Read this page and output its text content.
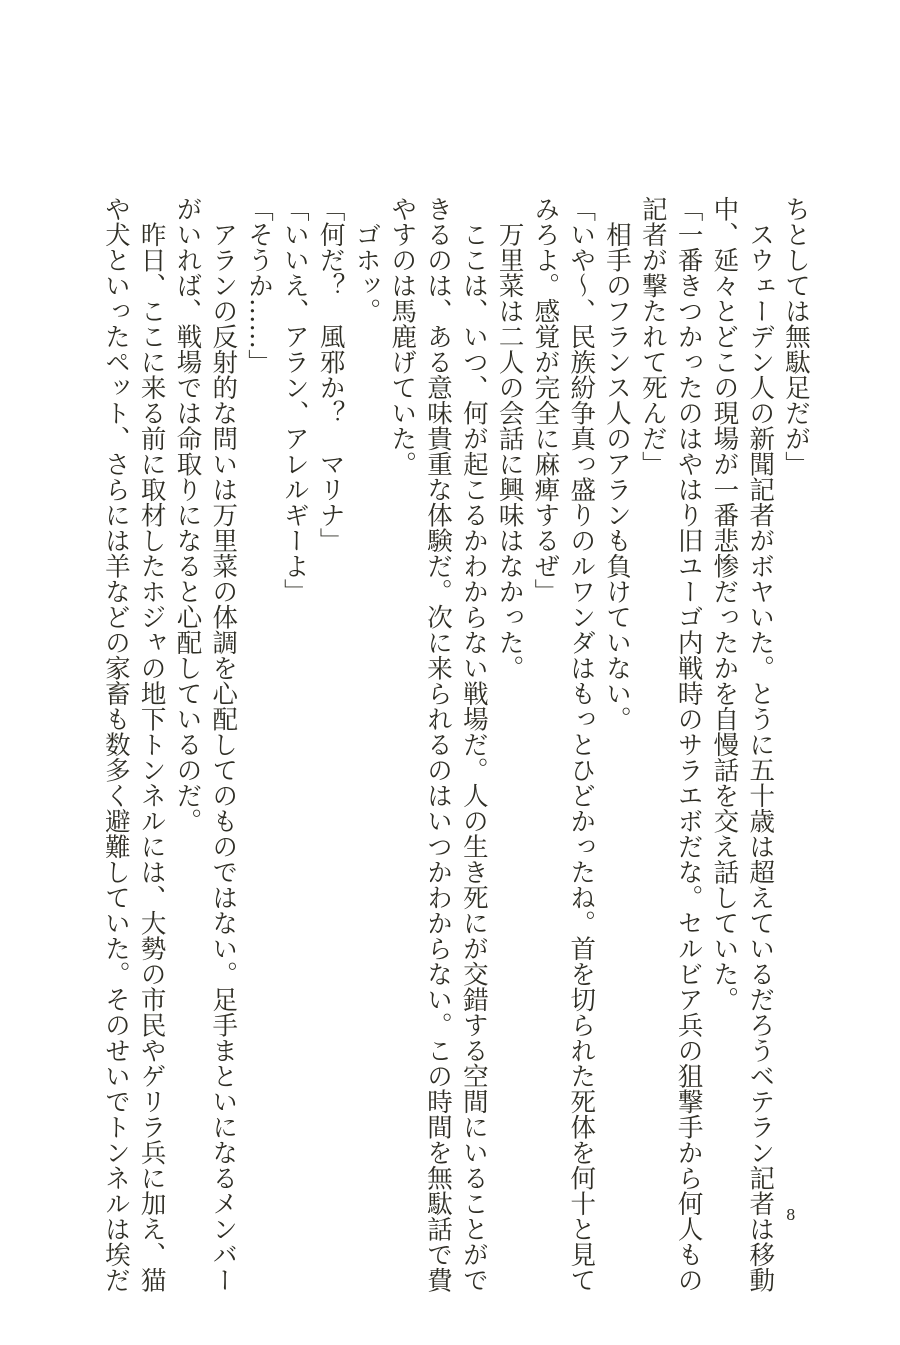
ちとしては無駄足だが」
　スウェーデン人の新聞記者がボヤいた。とうに五十歳は超えているだろうベテラン記者は移動
中、延々とどこの現場が一番悲惨だったかを自慢話を交え話していた。
「一番きつかったのはやはり旧ユーゴ内戦時のサラエボだな。セルビア兵の狙撃手から何人もの
記者が撃たれて死んだ」
　相手のフランス人のアランも負けていない。
「いや〜、民族紛争真っ盛りのルワンダはもっとひどかったね。首を切られた死体を何十と見て
みろよ。感覚が完全に麻痺するぜ」
　万里菜は二人の会話に興味はなかった。
　ここは、いつ、何が起こるかわからない戦場だ。人の生き死にが交錯する空間にいることがで
きるのは、ある意味貴重な体験だ。次に来られるのはいつかわからない。この時間を無駄話で費
やすのは馬鹿げていた。
　ゴホッ。
「何だ？　風邪か？　マリナ」
「いいえ、アラン、アレルギーよ」
「そうか……」
　アランの反射的な問いは万里菜の体調を心配してのものではない。足手まといになるメンバー
がいれば、戦場では命取りになると心配しているのだ。
　昨日、ここに来る前に取材したホジャの地下トンネルには、大勢の市民やゲリラ兵に加え、猫
や犬といったペット、さらには羊などの家畜も数多く避難していた。そのせいでトンネルは埃だ	8
